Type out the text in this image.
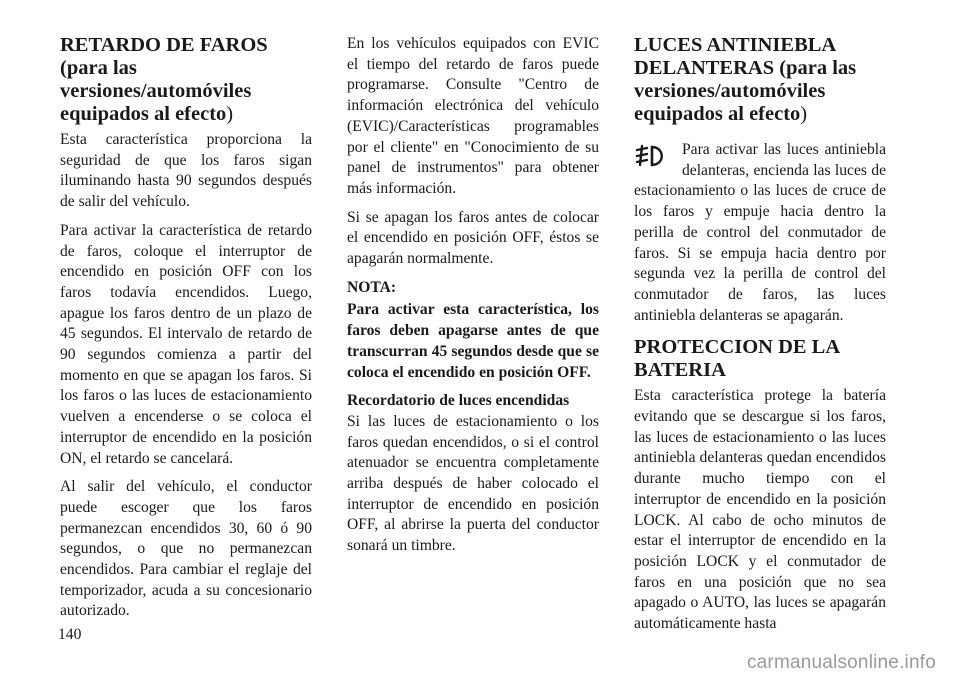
RETARDO DE FAROS (para las versiones/automóviles equipados al efecto)

Esta característica proporciona la seguridad de que los faros sigan iluminando hasta 90 segundos después de salir del vehículo.

Para activar la característica de retardo de faros, coloque el interruptor de encendido en posición OFF con los faros todavía encendidos. Luego, apague los faros dentro de un plazo de 45 segundos. El intervalo de retardo de 90 segundos comienza a partir del momento en que se apagan los faros. Si los faros o las luces de estacionamiento vuelven a encenderse o se coloca el interruptor de encendido en la posición ON, el retardo se cancelará.

Al salir del vehículo, el conductor puede escoger que los faros permanezcan encendidos 30, 60 ó 90 segundos, o que no permanezcan encendidos. Para cambiar el reglaje del temporizador, acuda a su concesionario autorizado.

En los vehículos equipados con EVIC el tiempo del retardo de faros puede programarse. Consulte "Centro de información electrónica del vehículo (EVIC)/Características programables por el cliente" en "Conocimiento de su panel de instrumentos" para obtener más información.

Si se apagan los faros antes de colocar el encendido en posición OFF, éstos se apagarán normalmente.

NOTA:

Para activar esta característica, los faros deben apagarse antes de que transcurran 45 segundos desde que se coloca el encendido en posición OFF.

Recordatorio de luces encendidas

Si las luces de estacionamiento o los faros quedan encendidos, o si el control atenuador se encuentra completamente arriba después de haber colocado el interruptor de encendido en posición OFF, al abrirse la puerta del conductor sonará un timbre.

LUCES ANTINIEBLA DELANTERAS (para las versiones/automóviles equipados al efecto)

Para activar las luces antiniebla delanteras, encienda las luces de estacionamiento o las luces de cruce de los faros y empuje hacia dentro la perilla de control del conmutador de faros. Si se empuja hacia dentro por segunda vez la perilla de control del conmutador de faros, las luces antiniebla delanteras se apagarán.

PROTECCION DE LA BATERIA

Esta característica protege la batería evitando que se descargue si los faros, las luces de estacionamiento o las luces antiniebla delanteras quedan encendidos durante mucho tiempo con el interruptor de encendido en la posición LOCK. Al cabo de ocho minutos de estar el interruptor de encendido en la posición LOCK y el conmutador de faros en una posición que no sea apagado o AUTO, las luces se apagarán automáticamente hasta

140
carmanualsonline.info
